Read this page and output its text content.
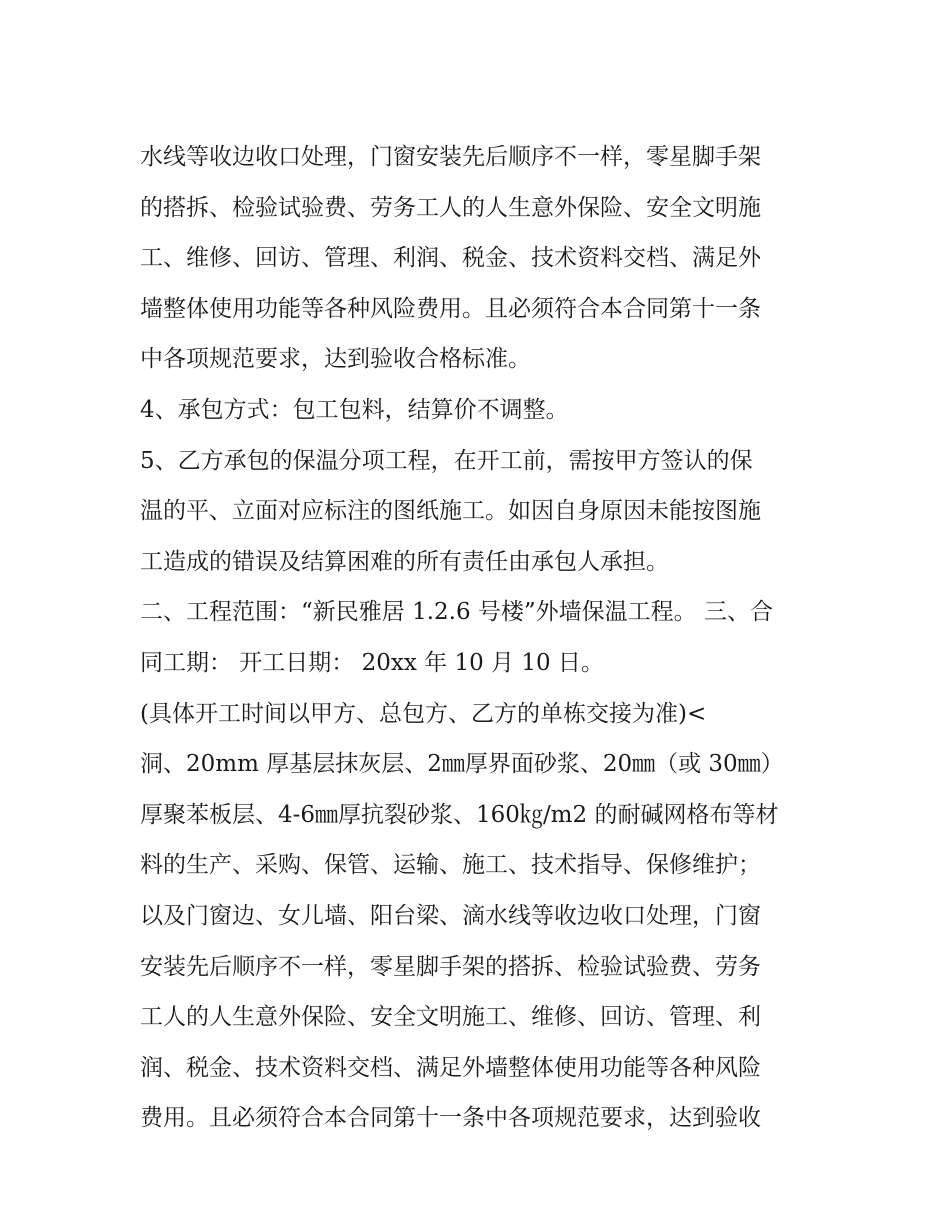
水线等收边收口处理，门窗安装先后顺序不一样，零星脚手架
的搭拆、检验试验费、劳务工人的人生意外保险、安全文明施
工、维修、回访、管理、利润、税金、技术资料交档、满足外
墙整体使用功能等各种风险费用。且必须符合本合同第十一条
中各项规范要求，达到验收合格标准。
4、承包方式：包工包料，结算价不调整。
5、乙方承包的保温分项工程，在开工前，需按甲方签认的保
温的平、立面对应标注的图纸施工。如因自身原因未能按图施
工造成的错误及结算困难的所有责任由承包人承担。
二、工程范围：“新民雅居 1.2.6 号楼”外墙保温工程。 三、合
同工期： 开工日期： 20xx 年 10 月 10 日。
(具体开工时间以甲方、总包方、乙方的单栋交接为准)<
洞、20mm 厚基层抹灰层、2㎜厚界面砂浆、20㎜（或 30㎜）
厚聚苯板层、4-6㎜厚抗裂砂浆、160㎏/m2 的耐碱网格布等材
料的生产、采购、保管、运输、施工、技术指导、保修维护；
以及门窗边、女儿墙、阳台梁、滴水线等收边收口处理，门窗
安装先后顺序不一样，零星脚手架的搭拆、检验试验费、劳务
工人的人生意外保险、安全文明施工、维修、回访、管理、利
润、税金、技术资料交档、满足外墙整体使用功能等各种风险
费用。且必须符合本合同第十一条中各项规范要求，达到验收
